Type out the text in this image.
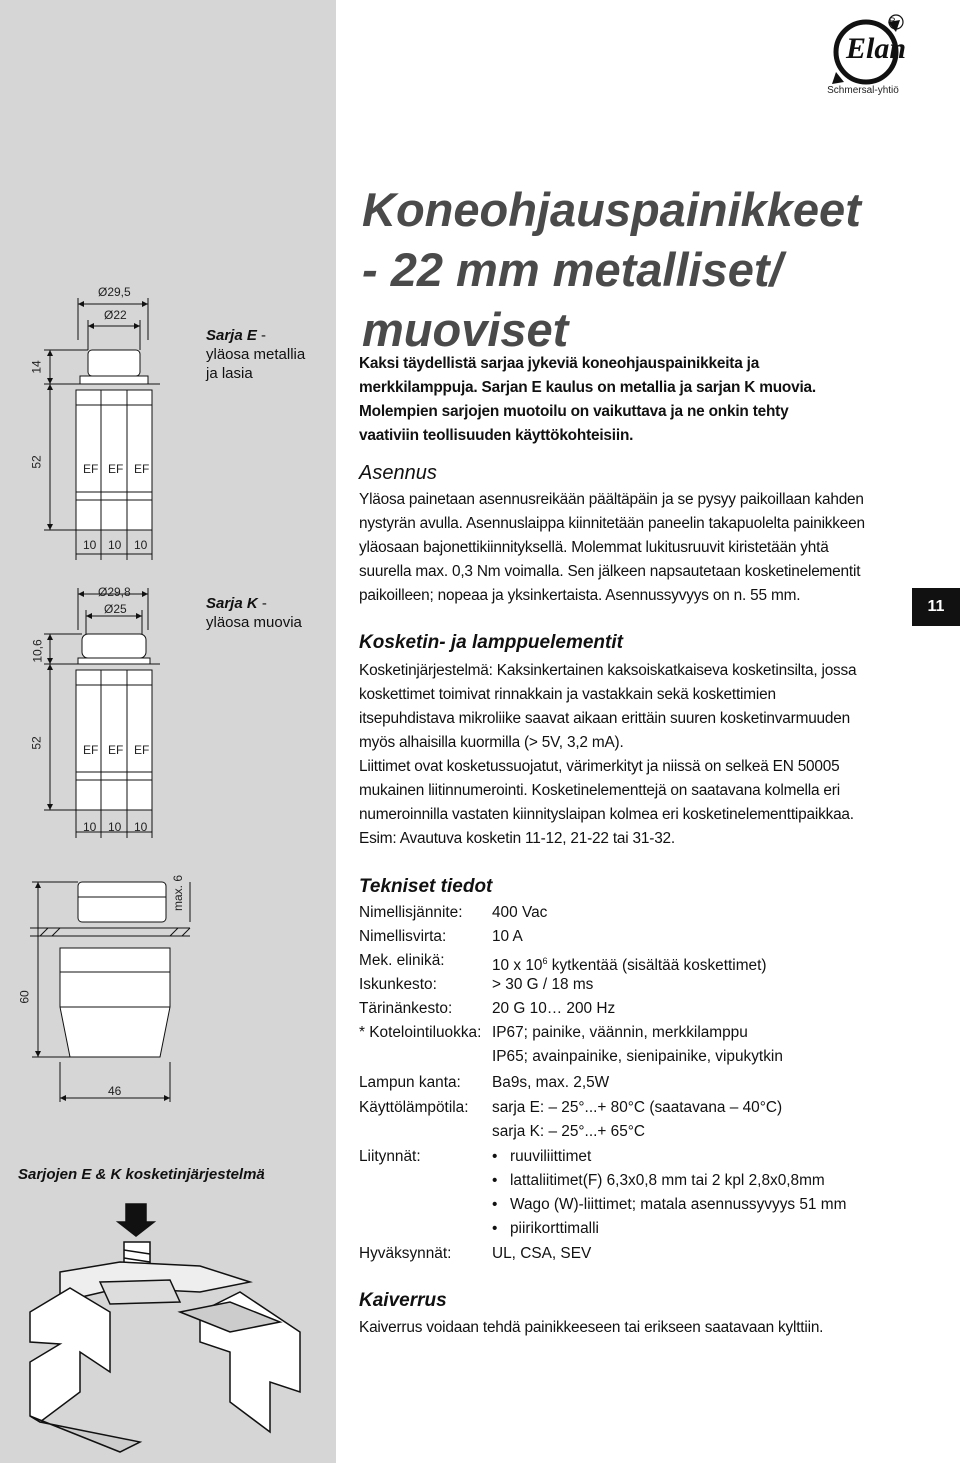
Ø29,5
Ø22
14
52	EF EF EF
10 10 10
Sarja E -
yläosa metallia
ja lasia
Ø29,8
Ø25
10,6
52	EF EF EF
10 10 10
Sarja K -
yläosa muovia
max. 6
60
46
Sarjojen E & K kosketinjärjestelmä
Elan
R
Schmersal-yhtiö
Koneohjauspainikkeet
- 22 mm metalliset/
muoviset
Kaksi täydellistä sarjaa jykeviä koneohjauspainikkeita ja
merkkilamppuja. Sarjan E kaulus on metallia ja sarjan K muovia.
Molempien sarjojen muotoilu on vaikuttava ja ne onkin tehty
vaativiin teollisuuden käyttökohteisiin.
Asennus
Yläosa painetaan asennusreikään päältäpäin ja se pysyy paikoillaan kahden
nystyrän avulla. Asennuslaippa kiinnitetään paneelin takapuolelta painikkeen
yläosaan bajonettikiinnityksellä. Molemmat lukitusruuvit kiristetään yhtä
suurella max. 0,3 Nm voimalla. Sen jälkeen napsautetaan kosketinelementit
paikoilleen; nopeaa ja yksinkertaista. Asennussyvyys on n. 55 mm.
11
Kosketin- ja lamppuelementit
Kosketinjärjestelmä: Kaksinkertainen kaksoiskatkaiseva kosketinsilta, jossa
koskettimet toimivat rinnakkain ja vastakkain sekä koskettimien
itsepuhdistava mikroliike saavat aikaan erittäin suuren kosketinvarmuuden
myös alhaisilla kuormilla (> 5V, 3,2 mA).
Liittimet ovat kosketussuojatut, värimerkityt ja niissä on selkeä EN 50005
mukainen liitinnumerointi. Kosketinelementtejä on saatavana kolmella eri
numeroinnilla vastaten kiinnityslaipan kolmea eri kosketinelementtipaikkaa.
Esim: Avautuva kosketin 11-12, 21-22 tai 31-32.
Tekniset tiedot
Nimellisjännite: 400 Vac
Nimellisvirta:	10 A
Mek. elinikä:	10 x $10^6$ kytkentää (sisältää koskettimet)
Iskunkesto:	> 30 G / 18 ms
Tärinänkesto:	20 G 10… 200 Hz
* Kotelointiluokka: IP67; painike, väännin, merkkilamppu
IP65; avainpainike, sienipainike, vipukytkin
Lampun kanta: Ba9s, max. 2,5W
Käyttölämpötila: sarja E: – 25°...+ 80°C (saatavana – 40°C)
sarja K: – 25°...+ 65°C
Liitynnät:	• ruuviliittimet
• lattaliitimet(F) 6,3x0,8 mm tai 2 kpl 2,8x0,8mm
• Wago (W)-liittimet; matala asennussyvyys 51 mm
• piirikorttimalli
Hyväksynnät:	UL, CSA, SEV
Kaiverrus
Kaiverrus voidaan tehdä painikkeeseen tai erikseen saatavaan kylttiin.
